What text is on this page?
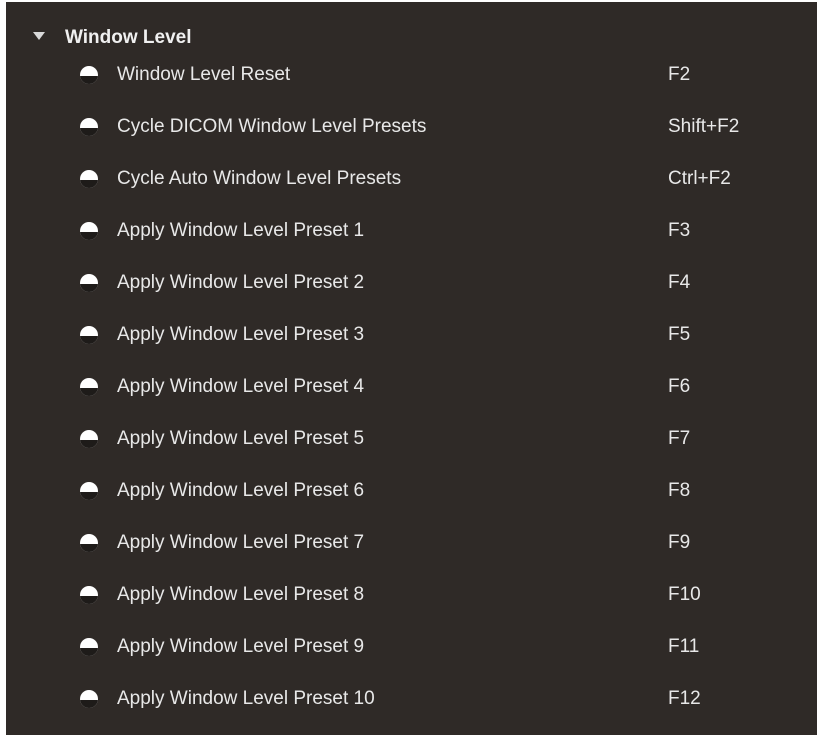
Window Level
Window Level Reset	F2
Cycle DICOM Window Level Presets	Shift+F2
Cycle Auto Window Level Presets	Ctrl+F2
Apply Window Level Preset 1	F3
Apply Window Level Preset 2	F4
Apply Window Level Preset 3	F5
Apply Window Level Preset 4	F6
Apply Window Level Preset 5	F7
Apply Window Level Preset 6	F8
Apply Window Level Preset 7	F9
Apply Window Level Preset 8	F10
Apply Window Level Preset 9	F11
Apply Window Level Preset 10	F12
